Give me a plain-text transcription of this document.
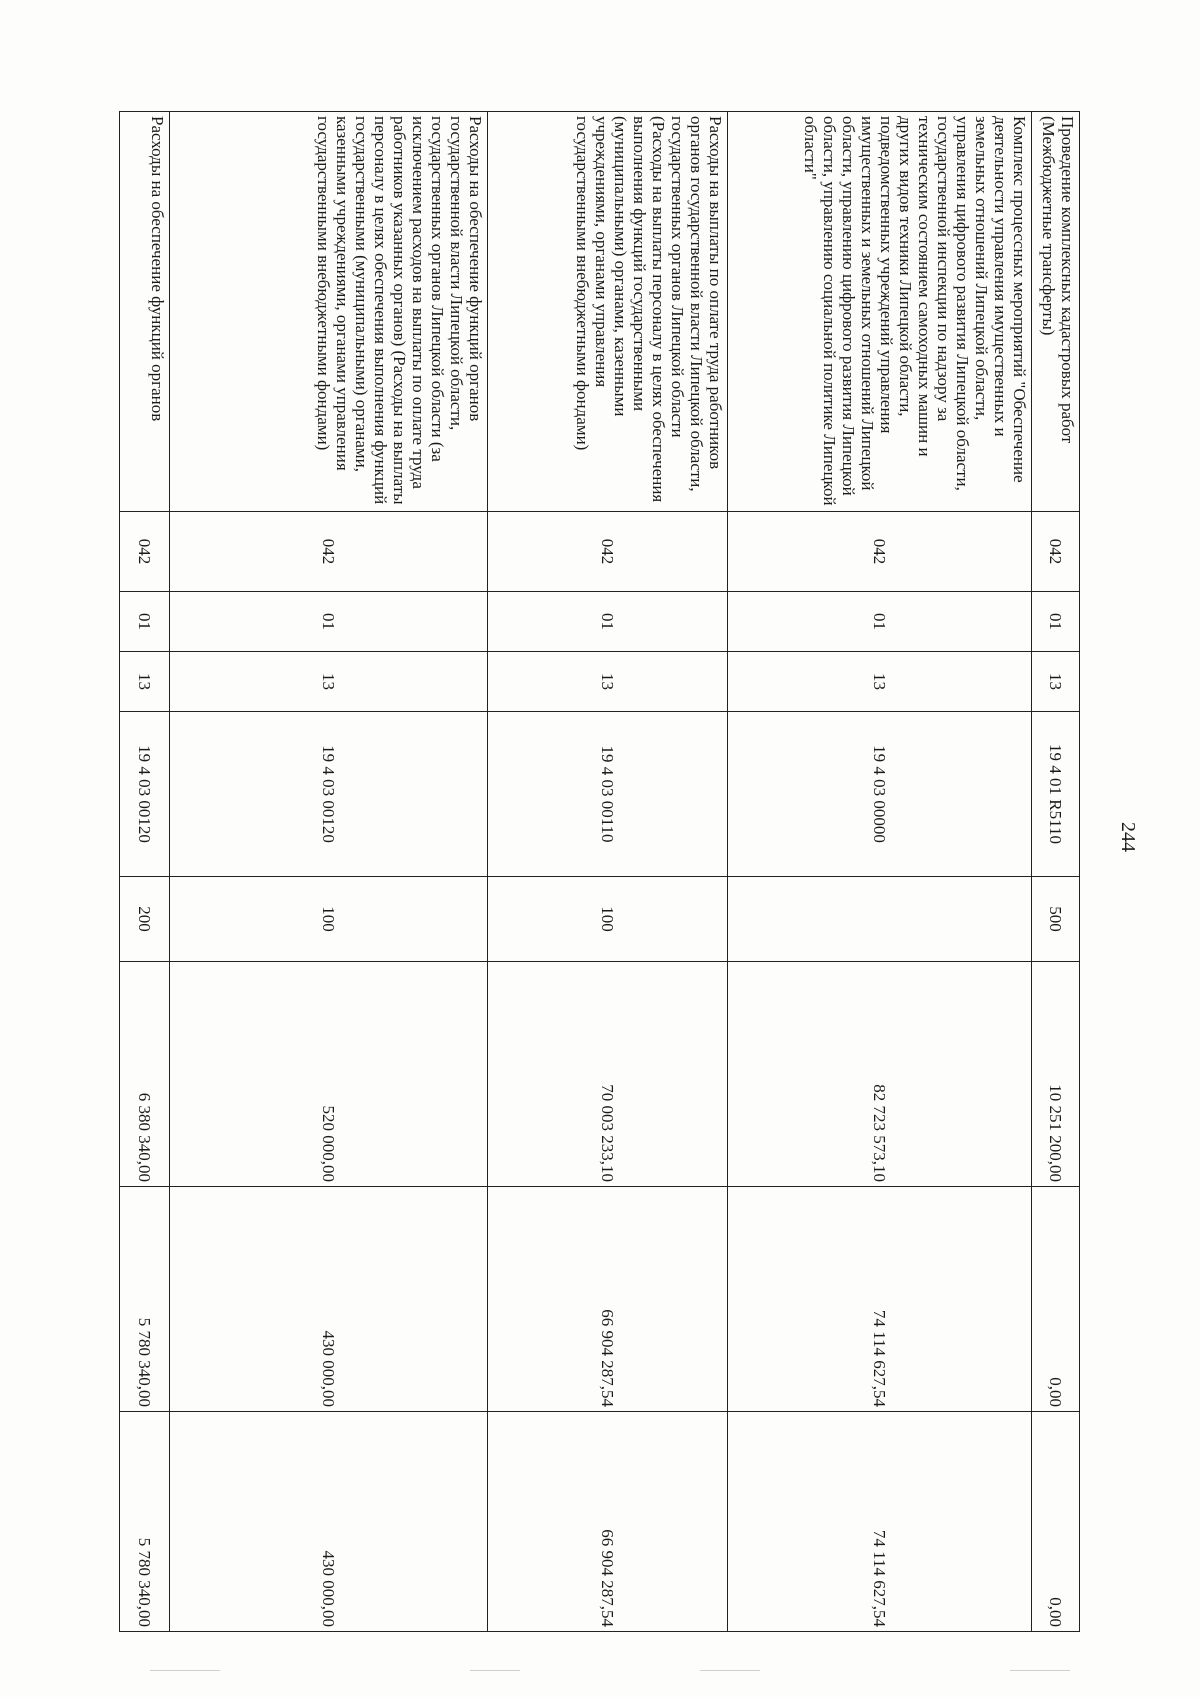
244
Проведение комплексных кадастровых работ (Межбюджетные трансферты)	042	01	13	19 4 01 R5110	500	10 251 200,00	0,00	0,00
Комплекс процессных мероприятий "Обеспечение деятельности управления имущественных и земельных отношений Липецкой области, управления цифрового развития Липецкой области, государственной инспекции по надзору за техническим состоянием самоходных машин и других видов техники Липецкой области, подведомственных учреждений управления имущественных и земельных отношений Липецкой области, управлению цифрового развития Липецкой области, управлению социальной политике Липецкой области"	042	01	13	19 4 03 00000		82 723 573,10	74 114 627,54	74 114 627,54
Расходы на выплаты по оплате труда работников органов государственной власти Липецкой области, государственных органов Липецкой области (Расходы на выплаты персоналу в целях обеспечения выполнения функций государственными (муниципальными) органами, казенными учреждениями, органами управления государственными внебюджетными фондами)	042	01	13	19 4 03 00110	100	70 003 233,10	66 904 287,54	66 904 287,54
Расходы на обеспечение функций органов государственной власти Липецкой области, государственных органов Липецкой области (за исключением расходов на выплаты по оплате труда работников указанных органов) (Расходы на выплаты персоналу в целях обеспечения выполнения функций государственными (муниципальными) органами, казенными учреждениями, органами управления государственными внебюджетными фондами)	042	01	13	19 4 03 00120	100	520 000,00	430 000,00	430 000,00
Расходы на обеспечение функций органов	042	01	13	19 4 03 00120	200	6 380 340,00	5 780 340,00	5 780 340,00
